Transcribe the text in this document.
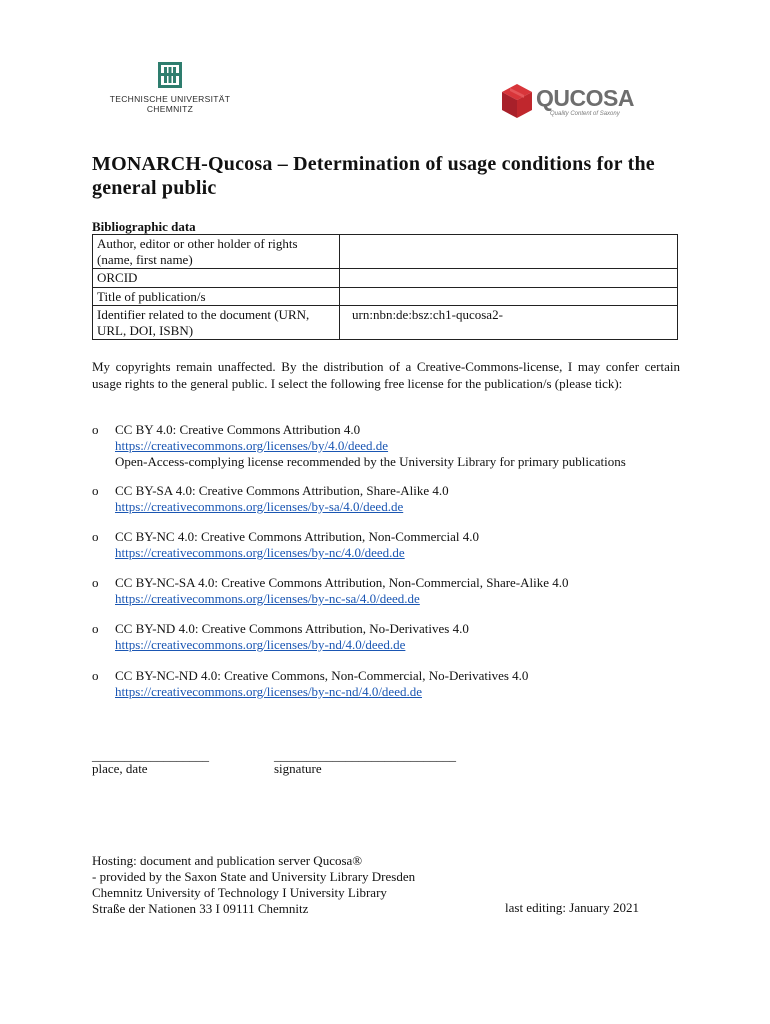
TECHNISCHE UNIVERSITÄT
CHEMNITZ	QUCOSA
Quality Content of Saxony
MONARCH-Qucosa – Determination of usage conditions for the general public
Bibliographic data
Author, editor or other holder of rights (name, first name)	
ORCID	
Title of publication/s	
Identifier related to the document (URN, URL, DOI, ISBN)	urn:nbn:de:bsz:ch1-qucosa2-
My copyrights remain unaffected. By the distribution of a Creative-Commons-license, I may confer certain usage rights to the general public. I select the following free license for the publication/s (please tick):
o CC BY 4.0: Creative Commons Attribution 4.0
https://creativecommons.org/licenses/by/4.0/deed.de
Open-Access-complying license recommended by the University Library for primary publications
o CC BY-SA 4.0: Creative Commons Attribution, Share-Alike 4.0
https://creativecommons.org/licenses/by-sa/4.0/deed.de
o CC BY-NC 4.0: Creative Commons Attribution, Non-Commercial 4.0
https://creativecommons.org/licenses/by-nc/4.0/deed.de
o CC BY-NC-SA 4.0: Creative Commons Attribution, Non-Commercial, Share-Alike 4.0
https://creativecommons.org/licenses/by-nc-sa/4.0/deed.de
o CC BY-ND 4.0: Creative Commons Attribution, No-Derivatives 4.0
https://creativecommons.org/licenses/by-nd/4.0/deed.de
o CC BY-NC-ND 4.0: Creative Commons, Non-Commercial, No-Derivatives 4.0
https://creativecommons.org/licenses/by-nc-nd/4.0/deed.de
__________________	____________________________
place, date	signature
Hosting: document and publication server Qucosa®
- provided by the Saxon State and University Library Dresden
Chemnitz University of Technology I University Library
Straße der Nationen 33 I 09111 Chemnitz	last editing: January 2021
